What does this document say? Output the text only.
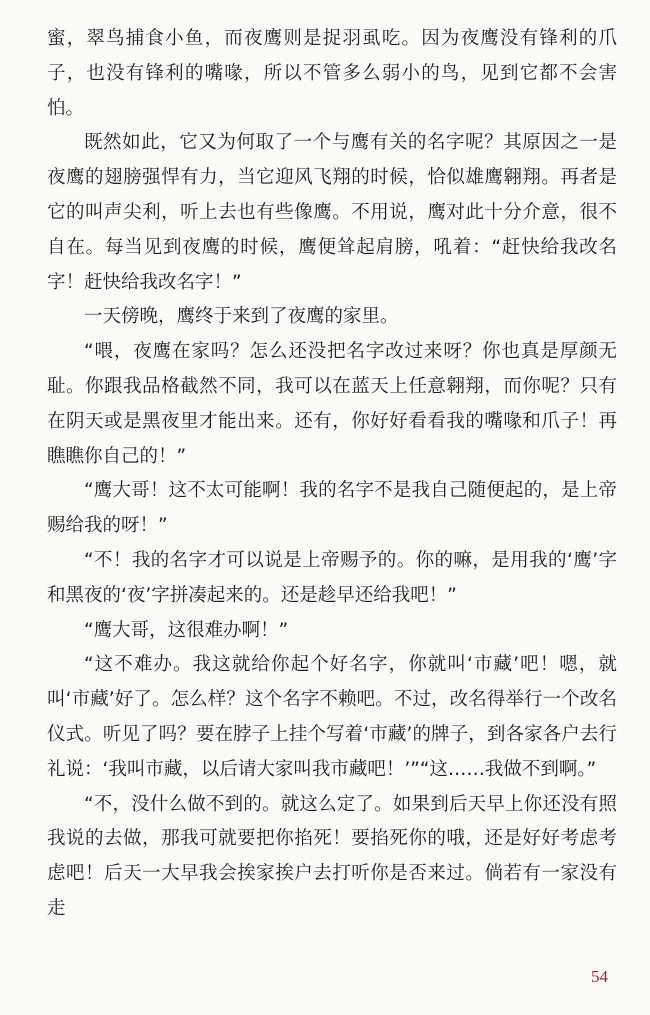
蜜，翠鸟捕食小鱼，而夜鹰则是捉羽虱吃。因为夜鹰没有锋利的爪子，也没有锋利的嘴喙，所以不管多么弱小的鸟，见到它都不会害怕。

既然如此，它又为何取了一个与鹰有关的名字呢？其原因之一是夜鹰的翅膀强悍有力，当它迎风飞翔的时候，恰似雄鹰翱翔。再者是它的叫声尖利，听上去也有些像鹰。不用说，鹰对此十分介意，很不自在。每当见到夜鹰的时候，鹰便耸起肩膀，吼着：“赶快给我改名字！赶快给我改名字！”

一天傍晚，鹰终于来到了夜鹰的家里。

“喂，夜鹰在家吗？怎么还没把名字改过来呀？你也真是厚颜无耻。你跟我品格截然不同，我可以在蓝天上任意翱翔，而你呢？只有在阴天或是黑夜里才能出来。还有，你好好看看我的嘴喙和爪子！再瞧瞧你自己的！”

“鹰大哥！这不太可能啊！我的名字不是我自己随便起的，是上帝赐给我的呀！”

“不！我的名字才可以说是上帝赐予的。你的嘛，是用我的‘鹰’字和黑夜的‘夜’字拼凑起来的。还是趁早还给我吧！”

“鹰大哥，这很难办啊！”

“这不难办。我这就给你起个好名字，你就叫‘市藏’吧！嗯，就叫‘市藏’好了。怎么样？这个名字不赖吧。不过，改名得举行一个改名仪式。听见了吗？要在脖子上挂个写着‘市藏’的牌子，到各家各户去行礼说：‘我叫市藏，以后请大家叫我市藏吧！’”“这……我做不到啊。”

“不，没什么做不到的。就这么定了。如果到后天早上你还没有照我说的去做，那我可就要把你掐死！要掐死你的哦，还是好好考虑考虑吧！后天一大早我会挨家挨户去打听你是否来过。倘若有一家没有走

54
